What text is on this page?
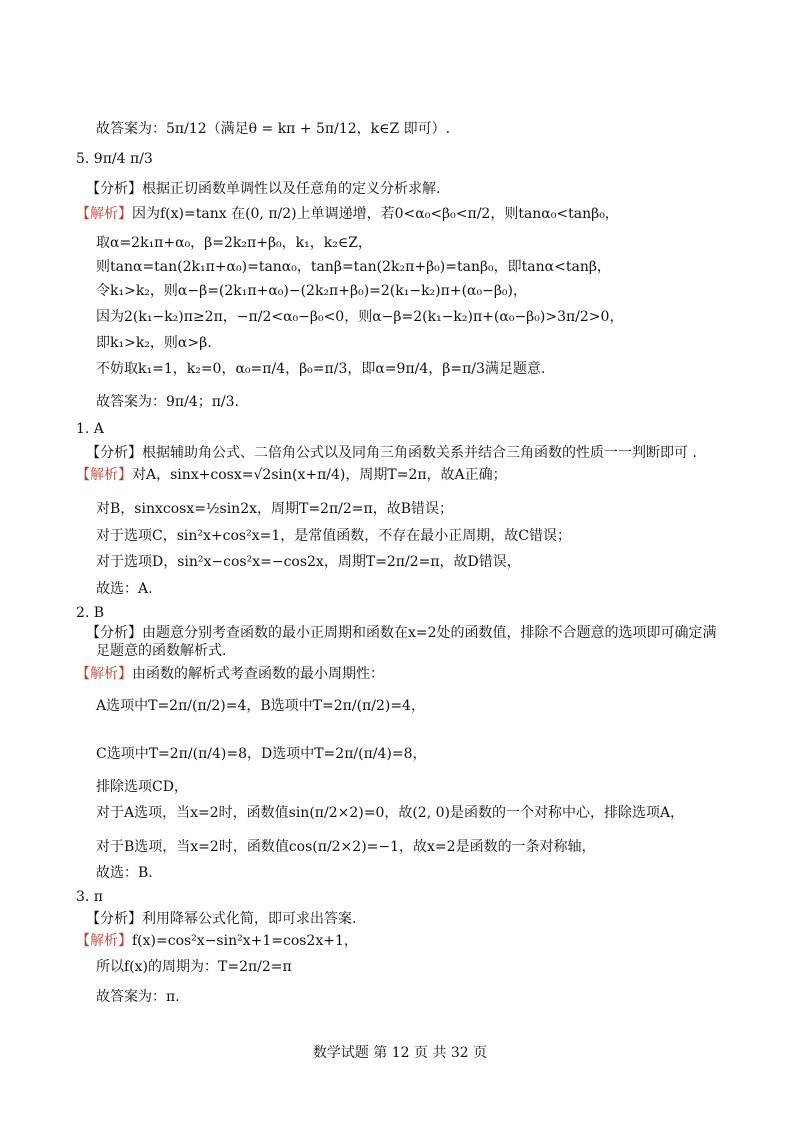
故答案为：5π/12（满足θ = kπ + 5π/12，k∈Z 即可）.
5. 9π/4 π/3
【分析】根据正切函数单调性以及任意角的定义分析求解.
【解析】因为f(x)=tanx 在(0, π/2)上单调递增，若0<α₀<β₀<π/2，则tanα₀<tanβ₀，
取α=2k₁π+α₀，β=2k₂π+β₀，k₁，k₂∈Z，
则tanα=tan(2k₁π+α₀)=tanα₀，tanβ=tan(2k₂π+β₀)=tanβ₀，即tanα<tanβ，
令k₁>k₂，则α−β=(2k₁π+α₀)−(2k₂π+β₀)=2(k₁−k₂)π+(α₀−β₀)，
因为2(k₁−k₂)π≥2π，−π/2<α₀−β₀<0，则α−β=2(k₁−k₂)π+(α₀−β₀)>3π/2>0，
即k₁>k₂，则α>β.
不妨取k₁=1，k₂=0，α₀=π/4，β₀=π/3，即α=9π/4，β=π/3满足题意.
故答案为：9π/4；π/3.
1. A
【分析】根据辅助角公式、二倍角公式以及同角三角函数关系并结合三角函数的性质一一判断即可 .
【解析】对A，sinx+cosx=√2sin(x+π/4)，周期T=2π，故A正确；
对B，sinxcosx=½sin2x，周期T=2π/2=π，故B错误；
对于选项C，sin²x+cos²x=1，是常值函数，不存在最小正周期，故C错误；
对于选项D，sin²x−cos²x=−cos2x，周期T=2π/2=π，故D错误，
故选：A.
2. B
【分析】由题意分别考查函数的最小正周期和函数在x=2处的函数值，排除不合题意的选项即可确定满
足题意的函数解析式.
【解析】由函数的解析式考查函数的最小周期性：
A选项中T=2π/(π/2)=4，B选项中T=2π/(π/2)=4，
C选项中T=2π/(π/4)=8，D选项中T=2π/(π/4)=8，
排除选项CD，
对于A选项，当x=2时，函数值sin(π/2×2)=0，故(2, 0)是函数的一个对称中心，排除选项A，
对于B选项，当x=2时，函数值cos(π/2×2)=−1，故x=2是函数的一条对称轴，
故选：B.
3. π
【分析】利用降幂公式化简，即可求出答案.
【解析】f(x)=cos²x−sin²x+1=cos2x+1，
所以f(x)的周期为：T=2π/2=π
故答案为：π.
数学试题 第 12 页 共 32 页
